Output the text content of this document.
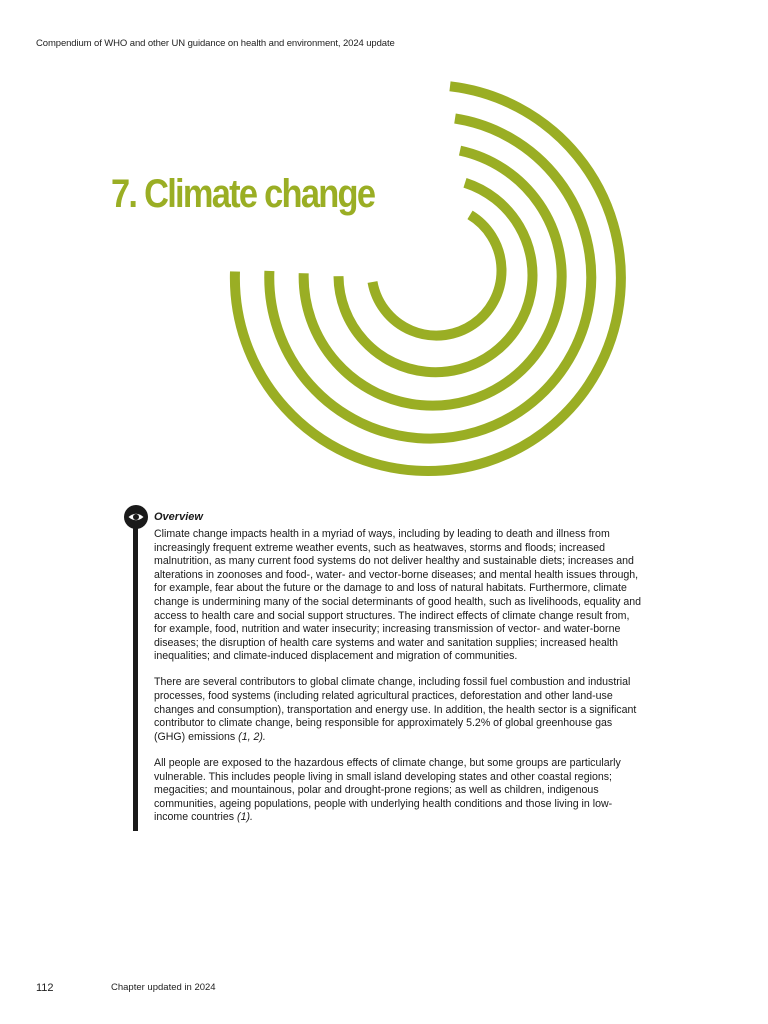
Compendium of WHO and other UN guidance on health and environment, 2024 update
7. Climate change
Overview

Climate change impacts health in a myriad of ways, including by leading to death and illness from increasingly frequent extreme weather events, such as heatwaves, storms and floods; increased malnutrition, as many current food systems do not deliver healthy and sustainable diets; increases and alterations in zoonoses and food-, water- and vector-borne diseases; and mental health issues through, for example, fear about the future or the damage to and loss of natural habitats. Furthermore, climate change is undermining many of the social determinants of good health, such as livelihoods, equality and access to health care and social support structures. The indirect effects of climate change result from, for example, food, nutrition and water insecurity; increasing transmission of vector- and water-borne diseases; the disruption of health care systems and water and sanitation supplies; increased health inequalities; and climate-induced displacement and migration of communities.

There are several contributors to global climate change, including fossil fuel combustion and industrial processes, food systems (including related agricultural practices, deforestation and other land-use changes and consumption), transportation and energy use. In addition, the health sector is a significant contributor to climate change, being responsible for approximately 5.2% of global greenhouse gas (GHG) emissions (1, 2).

All people are exposed to the hazardous effects of climate change, but some groups are particularly vulnerable. This includes people living in small island developing states and other coastal regions; megacities; and mountainous, polar and drought-prone regions; as well as children, indigenous communities, ageing populations, people with underlying health conditions and those living in low-income countries (1).

112	Chapter updated in 2024
